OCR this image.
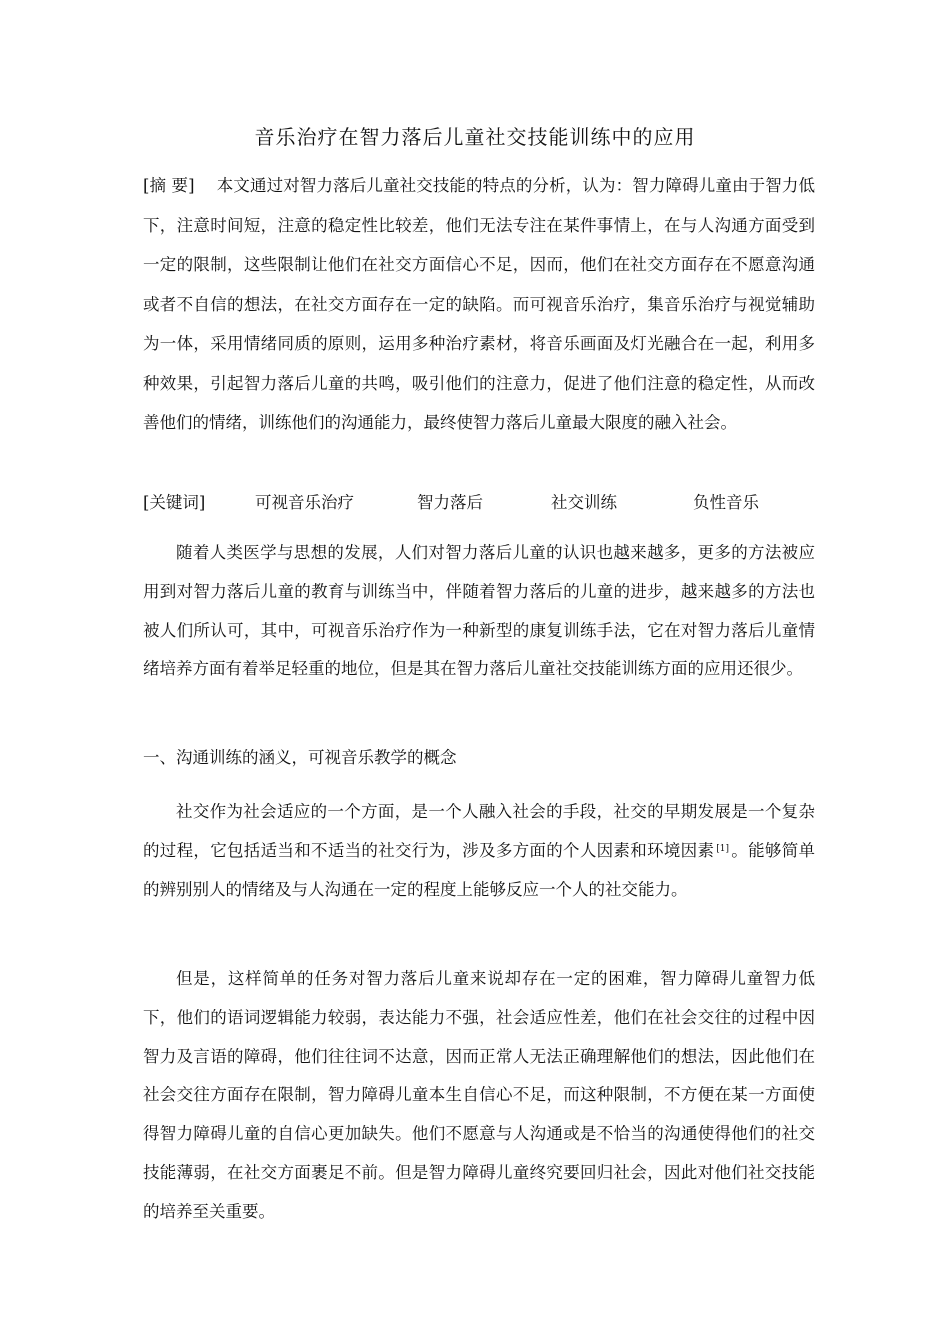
音乐治疗在智力落后儿童社交技能训练中的应用
[摘 要] 本文通过对智力落后儿童社交技能的特点的分析，认为：智力障碍儿童由于智力低下，注意时间短，注意的稳定性比较差，他们无法专注在某件事情上，在与人沟通方面受到一定的限制，这些限制让他们在社交方面信心不足，因而，他们在社交方面存在不愿意沟通或者不自信的想法，在社交方面存在一定的缺陷。而可视音乐治疗，集音乐治疗与视觉辅助为一体，采用情绪同质的原则，运用多种治疗素材，将音乐画面及灯光融合在一起，利用多种效果，引起智力落后儿童的共鸣，吸引他们的注意力，促进了他们注意的稳定性，从而改善他们的情绪，训练他们的沟通能力，最终使智力落后儿童最大限度的融入社会。
[关键词]	可视音乐治疗	智力落后	社交训练	负性音乐

随着人类医学与思想的发展，人们对智力落后儿童的认识也越来越多，更多的方法被应用到对智力落后儿童的教育与训练当中，伴随着智力落后的儿童的进步，越来越多的方法也被人们所认可，其中，可视音乐治疗作为一种新型的康复训练手法，它在对智力落后儿童情绪培养方面有着举足轻重的地位，但是其在智力落后儿童社交技能训练方面的应用还很少。

一、沟通训练的涵义，可视音乐教学的概念

社交作为社会适应的一个方面，是一个人融入社会的手段，社交的早期发展是一个复杂的过程，它包括适当和不适当的社交行为，涉及多方面的个人因素和环境因素 [1] 。能够简单的辨别别人的情绪及与人沟通在一定的程度上能够反应一个人的社交能力。

但是，这样简单的任务对智力落后儿童来说却存在一定的困难，智力障碍儿童智力低下，他们的语词逻辑能力较弱，表达能力不强，社会适应性差，他们在社会交往的过程中因智力及言语的障碍，他们往往词不达意，因而正常人无法正确理解他们的想法，因此他们在社会交往方面存在限制，智力障碍儿童本生自信心不足，而这种限制，不方便在某一方面使得智力障碍儿童的自信心更加缺失。他们不愿意与人沟通或是不恰当的沟通使得他们的社交技能薄弱，在社交方面裹足不前。但是智力障碍儿童终究要回归社会，因此对他们社交技能的培养至关重要。
